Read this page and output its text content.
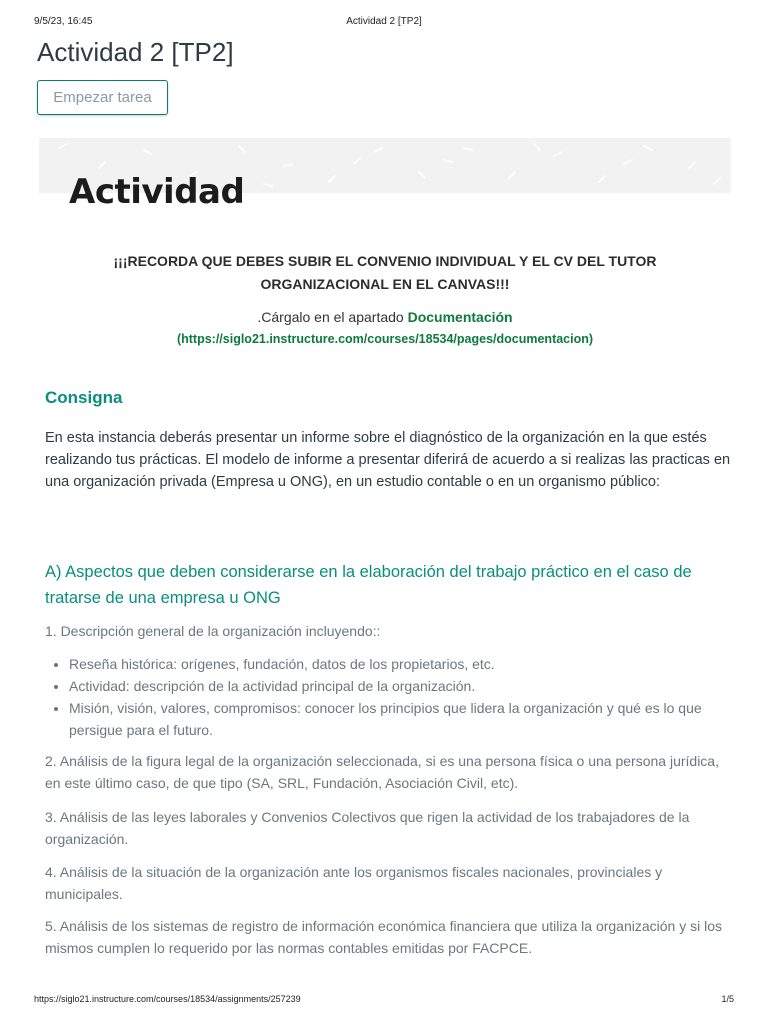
9/5/23, 16:45	Actividad 2 [TP2]
Actividad 2 [TP2]
Empezar tarea
Actividad
¡¡¡RECORDA QUE DEBES SUBIR EL CONVENIO INDIVIDUAL Y EL CV DEL TUTOR ORGANIZACIONAL EN EL CANVAS!!!
.Cárgalo en el apartado Documentación
(https://siglo21.instructure.com/courses/18534/pages/documentacion)
Consigna

En esta instancia deberás presentar un informe sobre el diagnóstico de la organización en la que estés realizando tus prácticas. El modelo de informe a presentar diferirá de acuerdo a si realizas las practicas en una organización privada (Empresa u ONG), en un estudio contable o en un organismo público:

A) Aspectos que deben considerarse en la elaboración del trabajo práctico en el caso de tratarse de una empresa u ONG

1. Descripción general de la organización incluyendo::

• Reseña histórica: orígenes, fundación, datos de los propietarios, etc.
• Actividad: descripción de la actividad principal de la organización.
• Misión, visión, valores, compromisos: conocer los principios que lidera la organización y qué es lo que persigue para el futuro.

2. Análisis de la figura legal de la organización seleccionada, si es una persona física o una persona jurídica, en este último caso, de que tipo (SA, SRL, Fundación, Asociación Civil, etc).

3. Análisis de las leyes laborales y Convenios Colectivos que rigen la actividad de los trabajadores de la organización.

4. Análisis de la situación de la organización ante los organismos fiscales nacionales, provinciales y municipales.

5. Análisis de los sistemas de registro de información económica financiera que utiliza la organización y si los mismos cumplen lo requerido por las normas contables emitidas por FACPCE.

https://siglo21.instructure.com/courses/18534/assignments/257239	1/5
